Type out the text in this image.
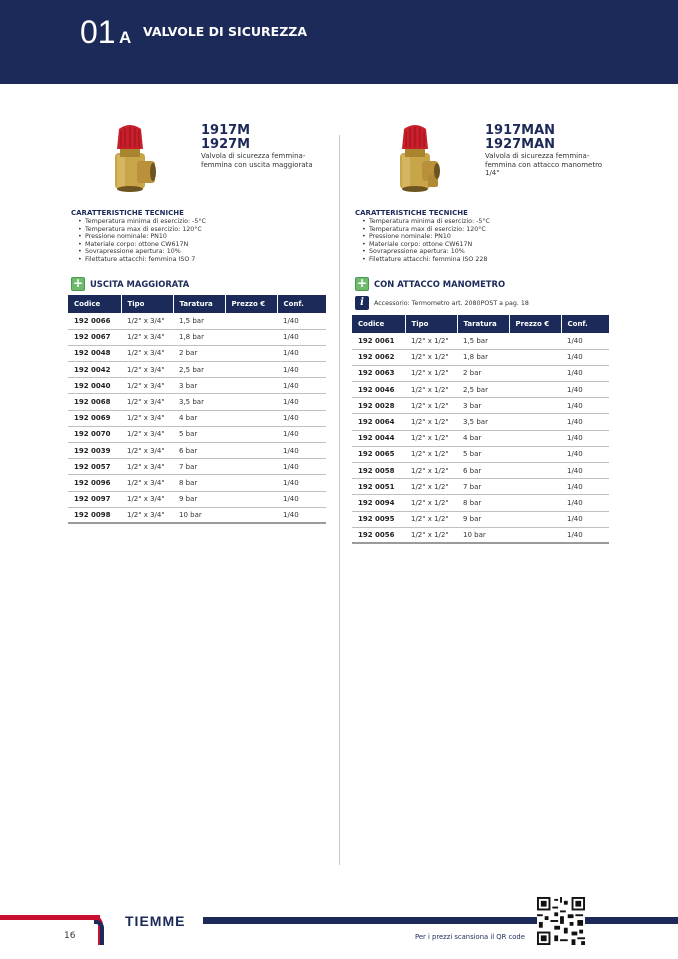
01 A VALVOLE DI SICUREZZA
1917M
1927M
Valvola di sicurezza femmina-femmina con uscita maggiorata
CARATTERISTICHE TECNICHE
• Temperatura minima di esercizio: -5°C
• Temperatura max di esercizio: 120°C
• Pressione nominale: PN10
• Materiale corpo: ottone CW617N
• Sovrapressione apertura: 10%
• Filettature attacchi: femmina ISO 7
+ USCITA MAGGIORATA
Codice	Tipo	Taratura	Prezzo €	Conf.
192 0066	1/2" x 3/4"	1,5 bar		1/40
192 0067	1/2" x 3/4"	1,8 bar		1/40
192 0048	1/2" x 3/4"	2 bar		1/40
192 0042	1/2" x 3/4"	2,5 bar		1/40
192 0040	1/2" x 3/4"	3 bar		1/40
192 0068	1/2" x 3/4"	3,5 bar		1/40
192 0069	1/2" x 3/4"	4 bar		1/40
192 0070	1/2" x 3/4"	5 bar		1/40
192 0039	1/2" x 3/4"	6 bar		1/40
192 0057	1/2" x 3/4"	7 bar		1/40
192 0096	1/2" x 3/4"	8 bar		1/40
192 0097	1/2" x 3/4"	9 bar		1/40
192 0098	1/2" x 3/4"	10 bar		1/40
1917MAN
1927MAN
Valvola di sicurezza femmina-femmina con attacco manometro 1/4"
CARATTERISTICHE TECNICHE
• Temperatura minima di esercizio: -5°C
• Temperatura max di esercizio: 120°C
• Pressione nominale: PN10
• Materiale corpo: ottone CW617N
• Sovrapressione apertura: 10%
• Filettature attacchi: femmina ISO 228
+ CON ATTACCO MANOMETRO
i	Accessorio: Termometro art. 2080POST a pag. 18
Codice	Tipo	Taratura	Prezzo €	Conf.
192 0061	1/2" x 1/2"	1,5 bar		1/40
192 0062	1/2" x 1/2"	1,8 bar		1/40
192 0063	1/2" x 1/2"	2 bar		1/40
192 0046	1/2" x 1/2"	2,5 bar		1/40
192 0028	1/2" x 1/2"	3 bar		1/40
192 0064	1/2" x 1/2"	3,5 bar		1/40
192 0044	1/2" x 1/2"	4 bar		1/40
192 0065	1/2" x 1/2"	5 bar		1/40
192 0058	1/2" x 1/2"	6 bar		1/40
192 0051	1/2" x 1/2"	7 bar		1/40
192 0094	1/2" x 1/2"	8 bar		1/40
192 0095	1/2" x 1/2"	9 bar		1/40
192 0056	1/2" x 1/2"	10 bar		1/40
TIEMME
16	Per i prezzi scansiona il QR code
